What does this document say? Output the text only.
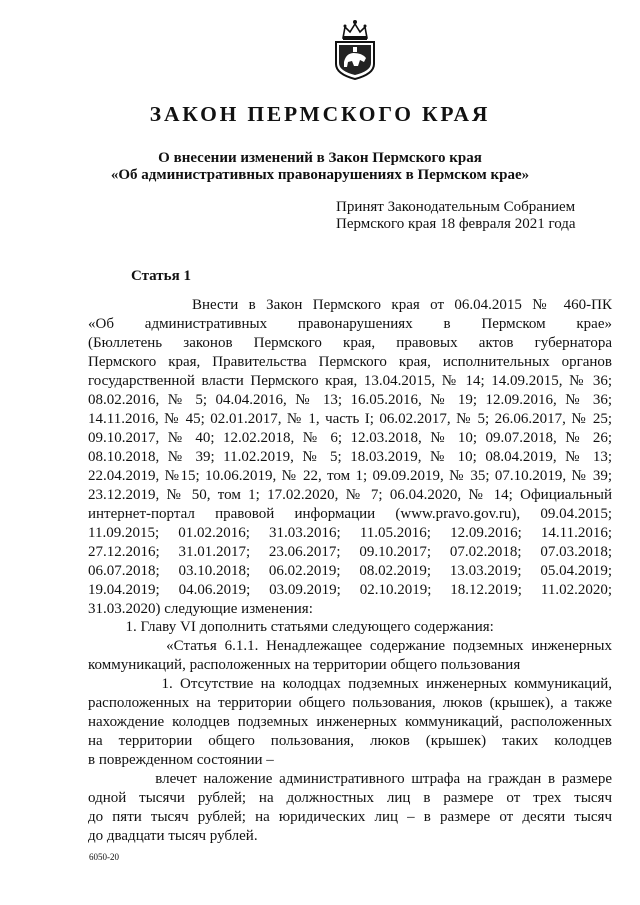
ЗАКОН ПЕРМСКОГО КРАЯ
О внесении изменений в Закон Пермского края
«Об административных правонарушениях в Пермском крае»
Принят Законодательным Собранием
Пермского края 18 февраля 2021 года
Статья 1
Внести в Закон Пермского края от 06.04.2015 № 460-ПК
«Об административных правонарушениях в Пермском крае»
(Бюллетень законов Пермского края, правовых актов губернатора
Пермского края, Правительства Пермского края, исполнительных органов
государственной власти Пермского края, 13.04.2015, № 14; 14.09.2015, № 36;
08.02.2016, № 5; 04.04.2016, № 13; 16.05.2016, № 19; 12.09.2016, № 36;
14.11.2016, № 45; 02.01.2017, № 1, часть I; 06.02.2017, № 5; 26.06.2017, № 25;
09.10.2017, № 40; 12.02.2018, № 6; 12.03.2018, № 10; 09.07.2018, № 26;
08.10.2018, № 39; 11.02.2019, № 5; 18.03.2019, № 10; 08.04.2019, № 13;
22.04.2019, №15; 10.06.2019, № 22, том 1; 09.09.2019, № 35; 07.10.2019, № 39;
23.12.2019, № 50, том 1; 17.02.2020, № 7; 06.04.2020, № 14; Официальный
интернет-портал правовой информации (www.pravo.gov.ru), 09.04.2015;
11.09.2015; 01.02.2016; 31.03.2016; 11.05.2016; 12.09.2016; 14.11.2016;
27.12.2016; 31.01.2017; 23.06.2017; 09.10.2017; 07.02.2018; 07.03.2018;
06.07.2018; 03.10.2018; 06.02.2019; 08.02.2019; 13.03.2019; 05.04.2019;
19.04.2019; 04.06.2019; 03.09.2019; 02.10.2019; 18.12.2019; 11.02.2020;
31.03.2020) следующие изменения:
1. Главу VI дополнить статьями следующего содержания:
«Статья 6.1.1. Ненадлежащее содержание подземных инженерных
коммуникаций, расположенных на территории общего пользования
1. Отсутствие на колодцах подземных инженерных коммуникаций,
расположенных на территории общего пользования, люков (крышек), а также
нахождение колодцев подземных инженерных коммуникаций, расположенных
на территории общего пользования, люков (крышек) таких колодцев
в поврежденном состоянии –
влечет наложение административного штрафа на граждан в размере
одной тысячи рублей; на должностных лиц в размере от трех тысяч
до пяти тысяч рублей; на юридических лиц – в размере от десяти тысяч
до двадцати тысяч рублей.
6050-20
